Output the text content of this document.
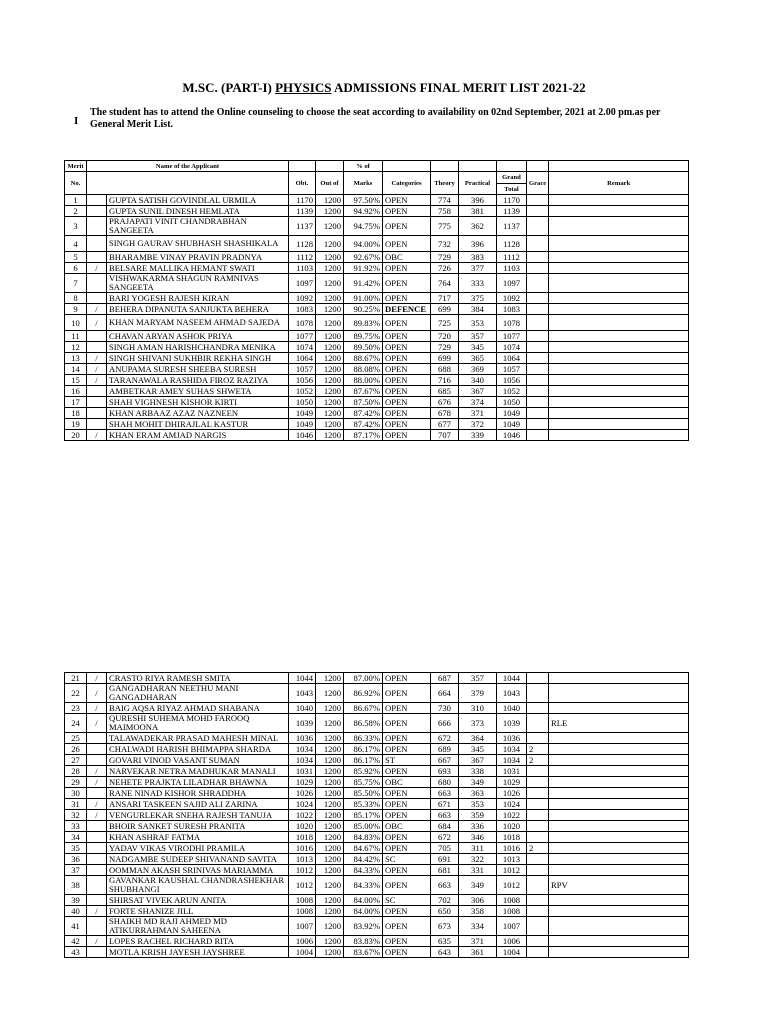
M.SC. (PART-I) PHYSICS ADMISSIONS FINAL MERIT LIST 2021-22
I
The student has to attend the Online counseling to choose the seat according to availability on 02nd September, 2021 at 2.00 pm.as per General Merit List.
Merit	Name of the Applicant				% of						
No.			Obt.	Out of	Marks	Categories	Theory	Practical	Grand	Grace	Remark
									Total		
1		GUPTA SATISH GOVINDLAL URMILA	1170	1200	97.50%	OPEN	774	396	1170		
2		GUPTA SUNIL DINESH HEMLATA	1139	1200	94.92%	OPEN	758	381	1139		
3		PRAJAPATI VINIT CHANDRABHAN SANGEETA	1137	1200	94.75%	OPEN	775	362	1137		
4		SINGH GAURAV SHUBHASH SHASHIKALA	1128	1200	94.00%	OPEN	732	396	1128		
5		BHARAMBE VINAY PRAVIN PRADNYA	1112	1200	92.67%	OBC	729	383	1112		
6	/	BELSARE MALLIKA HEMANT SWATI	1103	1200	91.92%	OPEN	726	377	1103		
7		VISHWAKARMA SHAGUN RAMNIVAS SANGEETA	1097	1200	91.42%	OPEN	764	333	1097		
8		BARI YOGESH RAJESH KIRAN	1092	1200	91.00%	OPEN	717	375	1092		
9	/	BEHERA DIPANUTA SANJUKTA BEHERA	1083	1200	90.25%	DEFENCE	699	384	1083		
10	/	KHAN MARYAM NASEEM AHMAD SAJEDA	1078	1200	89.83%	OPEN	725	353	1078		
11		CHAVAN ARYAN ASHOK PRIYA	1077	1200	89.75%	OPEN	720	357	1077		
12		SINGH AMAN HARISHCHANDRA MENIKA	1074	1200	89.50%	OPEN	729	345	1074		
13	/	SINGH SHIVANI SUKHBIR REKHA SINGH	1064	1200	88.67%	OPEN	699	365	1064		
14	/	ANUPAMA SURESH SHEEBA SURESH	1057	1200	88.08%	OPEN	688	369	1057		
15	/	TARANAWALA RASHIDA FIROZ RAZIYA	1056	1200	88.00%	OPEN	716	340	1056		
16		AMBETKAR AMEY SUHAS SHWETA	1052	1200	87.67%	OPEN	685	367	1052		
17		SHAH VIGHNESH KISHOR KIRTI	1050	1200	87.50%	OPEN	676	374	1050		
18		KHAN ARBAAZ AZAZ NAZNEEN	1049	1200	87.42%	OPEN	678	371	1049		
19		SHAH MOHIT DHIRAJLAL KASTUR	1049	1200	87.42%	OPEN	677	372	1049		
20	/	KHAN ERAM AMJAD NARGIS	1046	1200	87.17%	OPEN	707	339	1046		
21	/	CRASTO RIYA RAMESH SMITA	1044	1200	87.00%	OPEN	687	357	1044		
22	/	GANGADHARAN NEETHU MANI GANGADHARAN	1043	1200	86.92%	OPEN	664	379	1043		
23	/	BAIG AQSA RIYAZ AHMAD SHABANA	1040	1200	86.67%	OPEN	730	310	1040		
24	/	QURESHI SUHEMA MOHD FAROOQ MAIMOONA	1039	1200	86.58%	OPEN	666	373	1039		RLE
25		TALAWADEKAR PRASAD MAHESH MINAL	1036	1200	86.33%	OPEN	672	364	1036		
26		CHALWADI HARISH BHIMAPPA SHARDA	1034	1200	86.17%	OPEN	689	345	1034	2	
27		GOVARI VINOD VASANT SUMAN	1034	1200	86.17%	ST	667	367	1034	2	
28	/	NARVEKAR NETRA MADHUKAR MANALI	1031	1200	85.92%	OPEN	693	338	1031		
29	/	NEHETE PRAJKTA LILADHAR BHAWNA	1029	1200	85.75%	OBC	680	349	1029		
30		RANE NINAD KISHOR SHRADDHA	1026	1200	85.50%	OPEN	663	363	1026		
31	/	ANSARI TASKEEN SAJID ALI ZARINA	1024	1200	85.33%	OPEN	671	353	1024		
32	/	VENGURLEKAR SNEHA RAJESH TANUJA	1022	1200	85.17%	OPEN	663	359	1022		
33		BHOIR SANKET SURESH PRANITA	1020	1200	85.00%	OBC	684	336	1020		
34		KHAN ASHRAF FATMA	1018	1200	84.83%	OPEN	672	346	1018		
35		YADAV VIKAS VIRODHI PRAMILA	1016	1200	84.67%	OPEN	705	311	1016	2	
36		NADGAMBE SUDEEP SHIVANAND SAVITA	1013	1200	84.42%	SC	691	322	1013		
37		OOMMAN AKASH SRINIVAS MARIAMMA	1012	1200	84.33%	OPEN	681	331	1012		
38		GAVANKAR KAUSHAL CHANDRASHEKHAR SHUBHANGI	1012	1200	84.33%	OPEN	663	349	1012		RPV
39		SHIRSAT VIVEK ARUN ANITA	1008	1200	84.00%	SC	702	306	1008		
40	/	FORTE SHANIZE JILL	1008	1200	84.00%	OPEN	650	358	1008		
41		SHAIKH MD RAJI AHMED MD ATIKURRAHMAN SAHEENA	1007	1200	83.92%	OPEN	673	334	1007		
42	/	LOPES RACHEL RICHARD RITA	1006	1200	83.83%	OPEN	635	371	1006		
43		MOTLA KRISH JAYESH JAYSHREE	1004	1200	83.67%	OPEN	643	361	1004		
